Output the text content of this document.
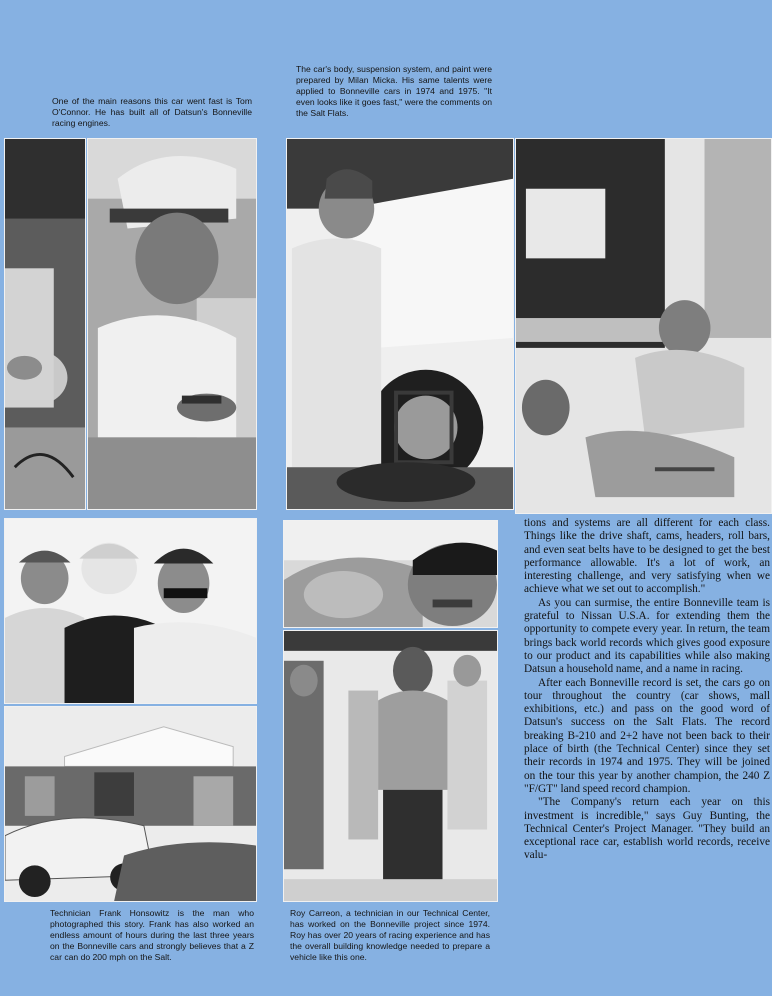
One of the main reasons this car went fast is Tom O'Connor. He has built all of Datsun's Bonneville racing engines.
The car's body, suspension system, and paint were prepared by Milan Micka. His same talents were applied to Bonneville cars in 1974 and 1975. "It even looks like it goes fast," were the comments on the Salt Flats.
Technician Frank Honsowitz is the man who photographed this story. Frank has also worked an endless amount of hours during the last three years on the Bonneville cars and strongly believes that a Z car can do 200 mph on the Salt.
Roy Carreon, a technician in our Technical Center, has worked on the Bonneville project since 1974. Roy has over 20 years of racing experience and has the overall building knowledge needed to prepare a vehicle like this one.

tions and systems are all different for each class. Things like the drive shaft, cams, headers, roll bars, and even seat belts have to be designed to get the best performance allowable. It's a lot of work, an interesting challenge, and very satisfying when we achieve what we set out to accomplish."

As you can surmise, the entire Bonneville team is grateful to Nissan U.S.A. for extending them the opportunity to compete every year. In return, the team brings back world records which gives good exposure to our product and its capabilities while also making Datsun a household name, and a name in racing.

After each Bonneville record is set, the cars go on tour throughout the country (car shows, mall exhibitions, etc.) and pass on the good word of Datsun's success on the Salt Flats. The record breaking B-210 and 2+2 have not been back to their place of birth (the Technical Center) since they set their records in 1974 and 1975. They will be joined on the tour this year by another champion, the 240 Z "F/GT" land speed record champion.

"The Company's return each year on this investment is incredible," says Guy Bunting, the Technical Center's Project Manager. "They build an exceptional race car, establish world records, receive valu-
